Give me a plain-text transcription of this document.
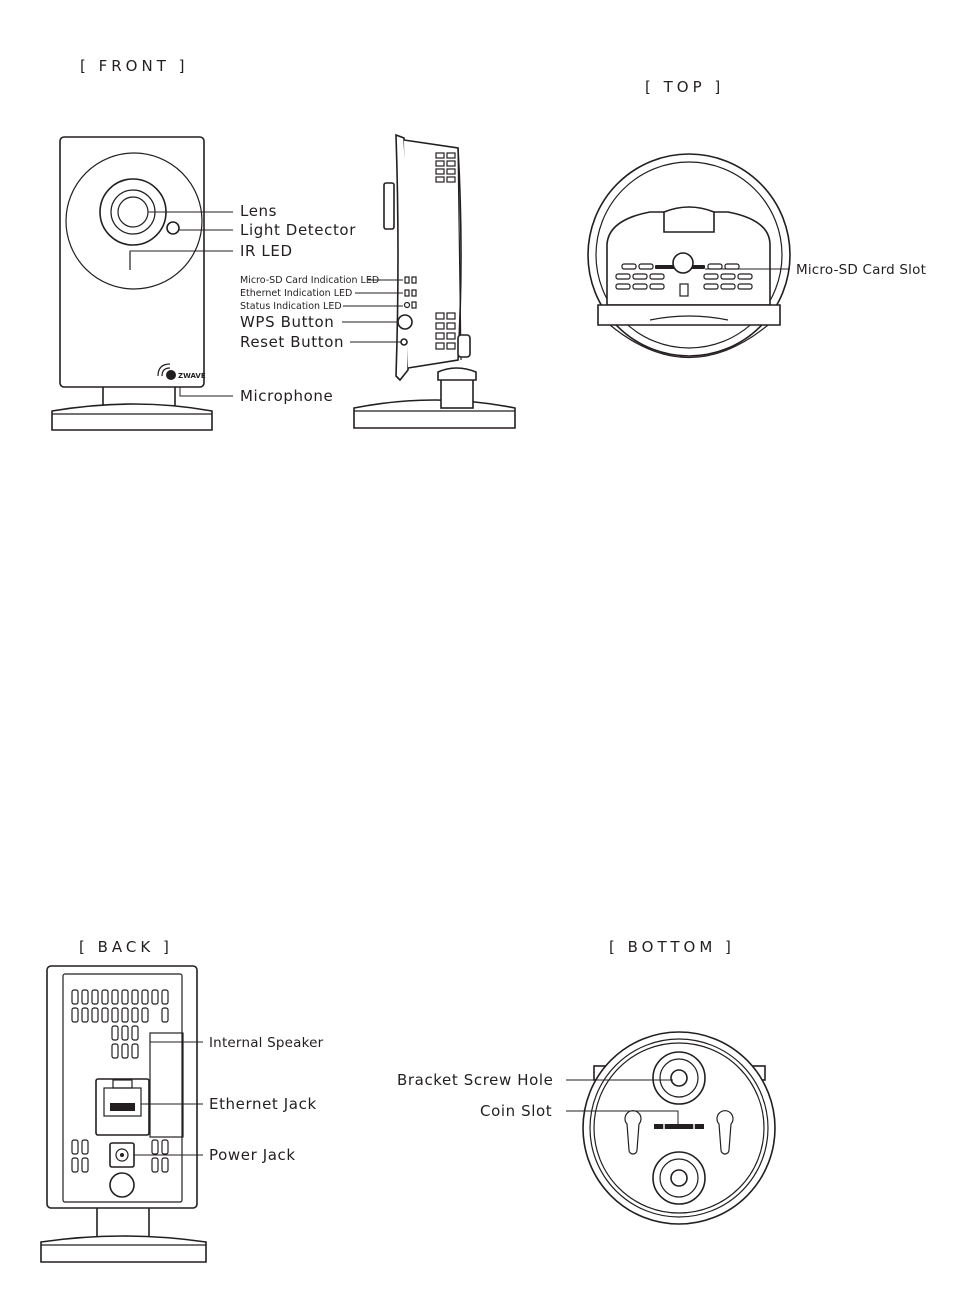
[ FRONT ]
ZWAVE
Lens
Light Detector
IR LED
Microphone
Micro-SD Card Indication LED
Ethernet Indication LED
Status Indication LED
WPS Button
Reset Button
[ TOP ]
Micro-SD Card Slot
[ BACK ]
Internal Speaker
Ethernet Jack
Power Jack
[ BOTTOM ]
Bracket Screw Hole
Coin Slot
